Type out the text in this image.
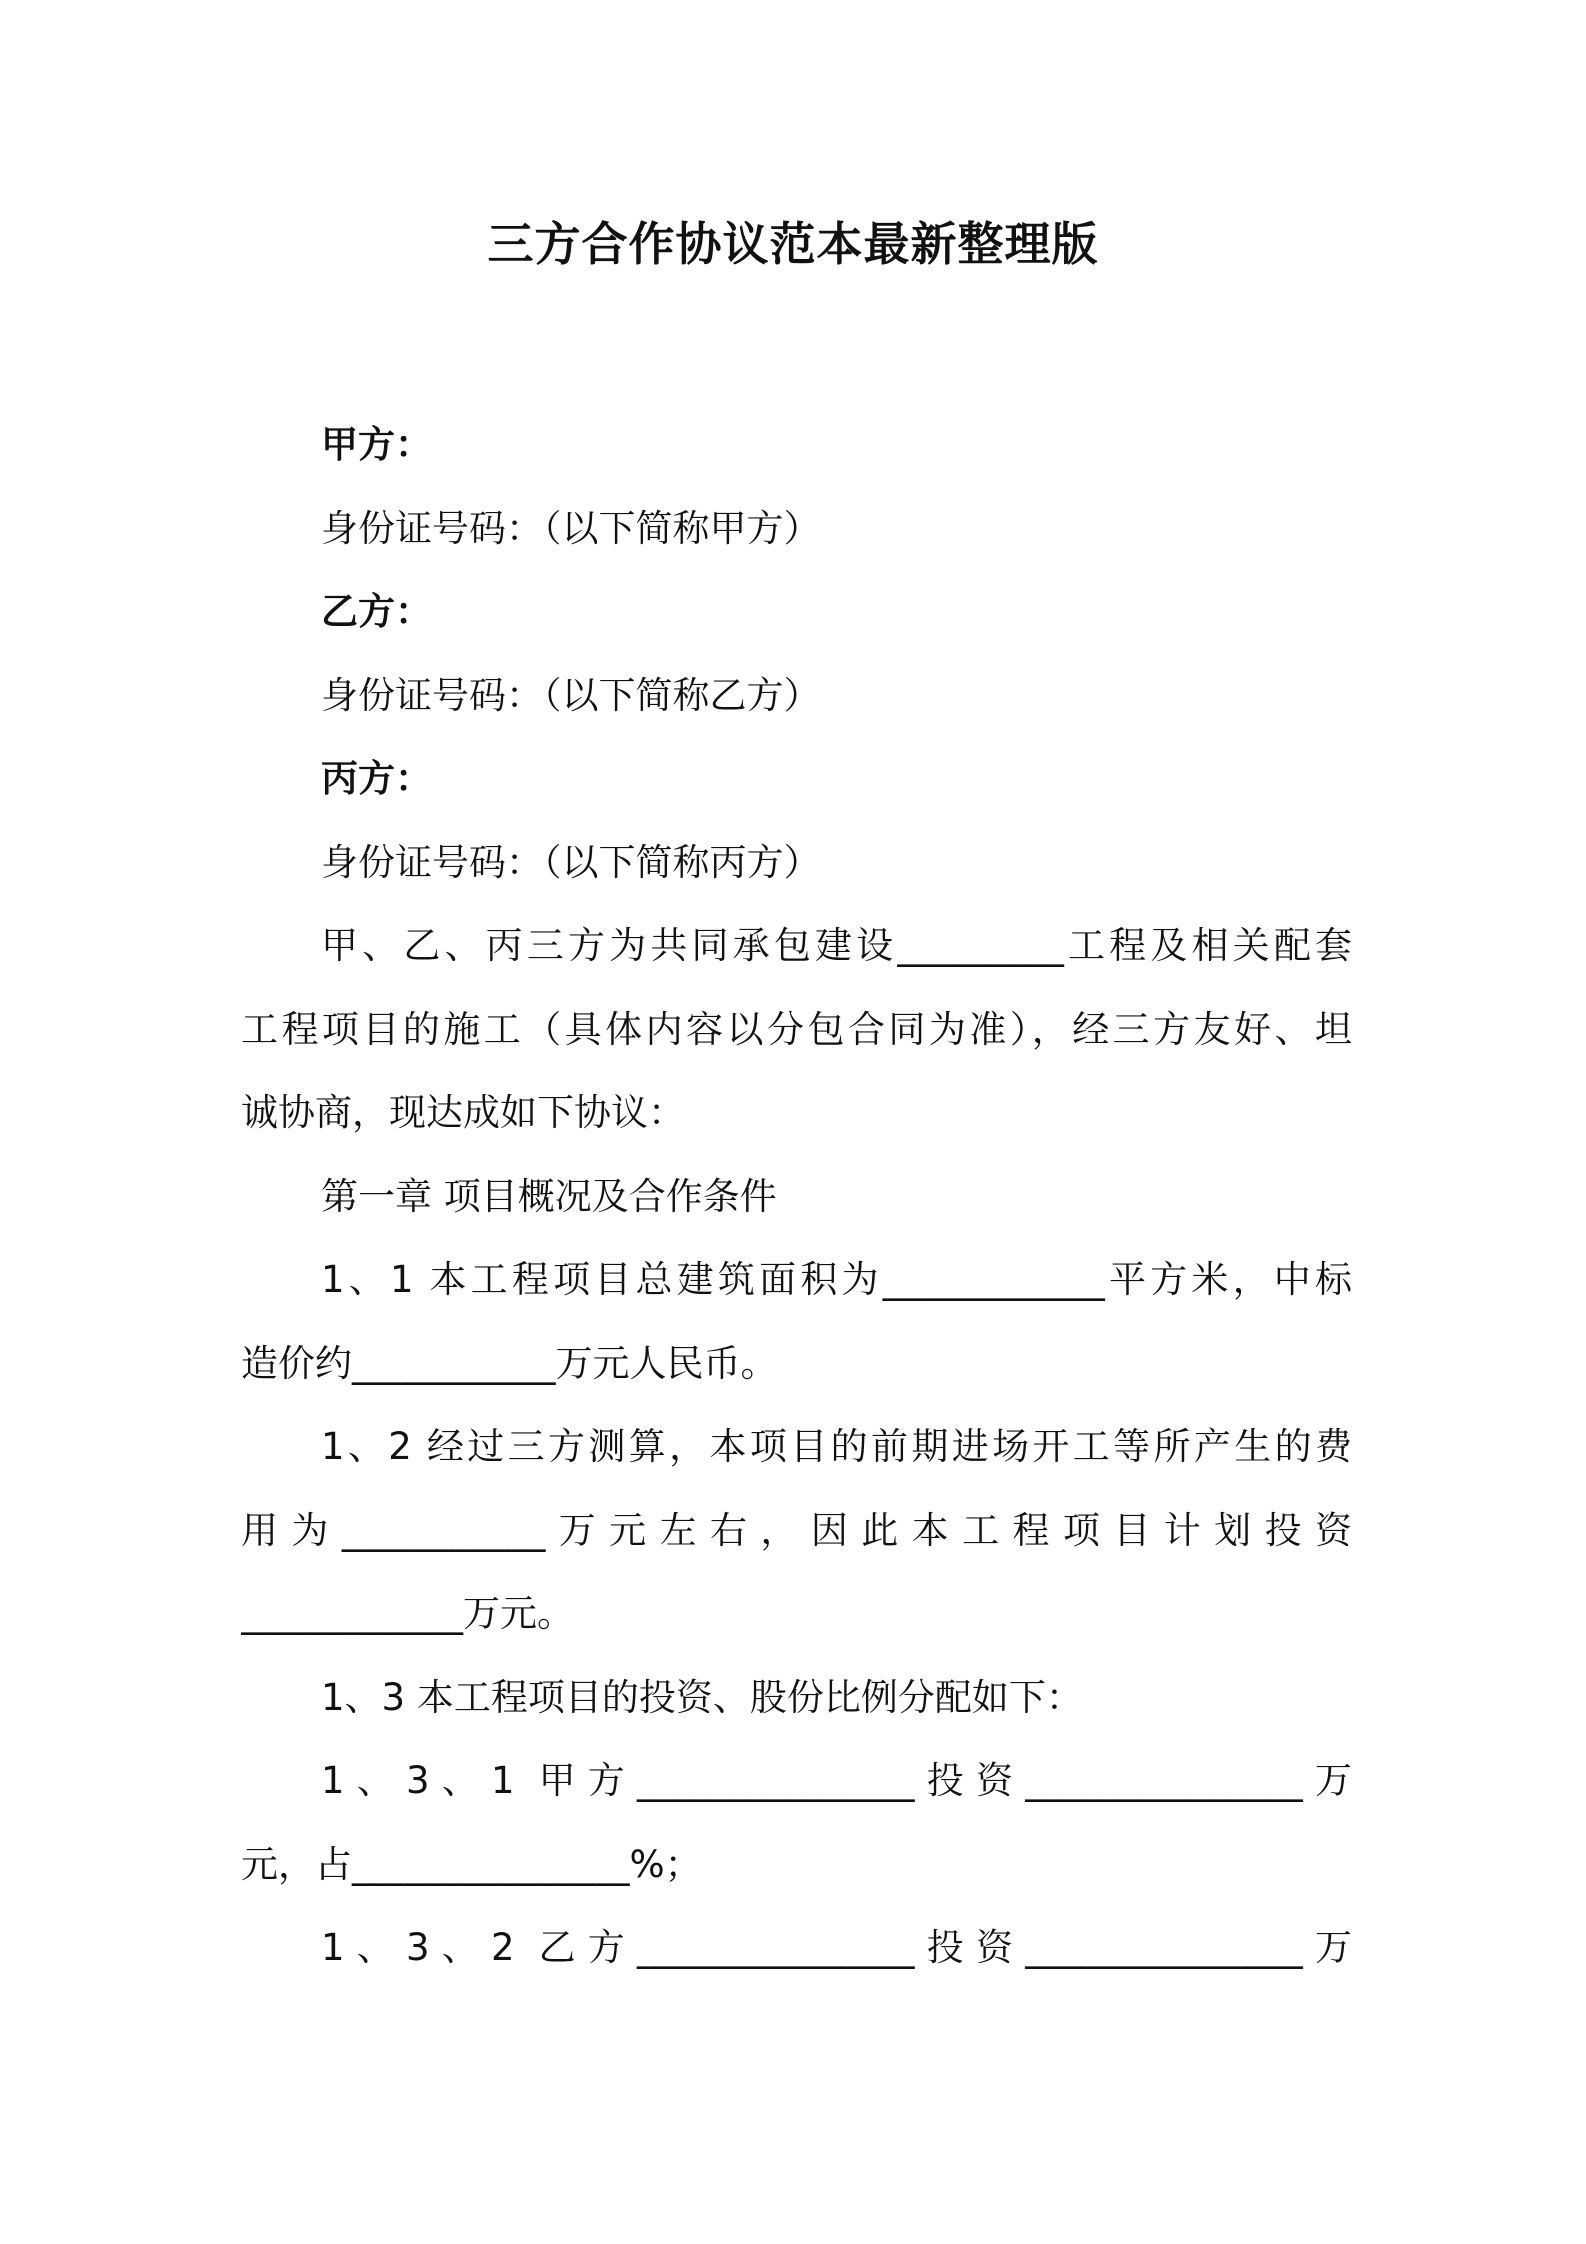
三方合作协议范本最新整理版
甲方：
身份证号码：（以下简称甲方）
乙方：
身份证号码：（以下简称乙方）
丙方：
身份证号码：（以下简称丙方）
甲、乙、丙三方为共同承包建设_________工程及相关配套
工程项目的施工（具体内容以分包合同为准），经三方友好、坦
诚协商，现达成如下协议：
第一章 项目概况及合作条件
1、1 本工程项目总建筑面积为____________平方米，中标
造价约___________万元人民币。
1、2 经过三方测算，本项目的前期进场开工等所产生的费
用为___________万元左右，因此本工程项目计划投资
____________万元。
1、3 本工程项目的投资、股份比例分配如下：
1、3、1 甲方_______________投资_______________万
元，占_______________%；
1、3、2 乙方_______________投资_______________万
